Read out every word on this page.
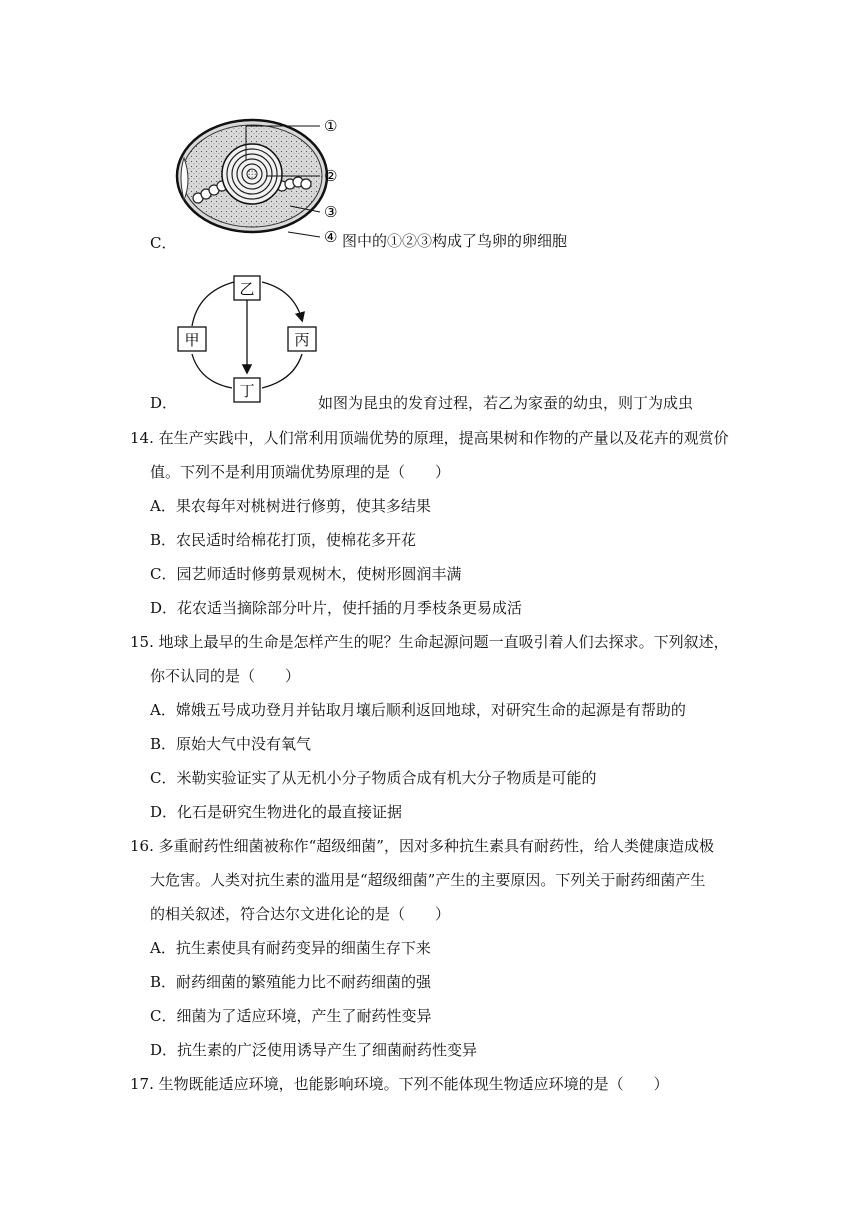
①
②
③
④
C．	图中的①②③构成了鸟卵的卵细胞
乙
丙
丁
甲
D．	如图为昆虫的发育过程，若乙为家蚕的幼虫，则丁为成虫
14. 在生产实践中，人们常利用顶端优势的原理，提高果树和作物的产量以及花卉的观赏价
值。下列不是利用顶端优势原理的是（　　）
A．果农每年对桃树进行修剪，使其多结果
B．农民适时给棉花打顶，使棉花多开花
C．园艺师适时修剪景观树木，使树形圆润丰满
D．花农适当摘除部分叶片，使扦插的月季枝条更易成活
15. 地球上最早的生命是怎样产生的呢？生命起源问题一直吸引着人们去探求。下列叙述，
你不认同的是（　　）
A．嫦娥五号成功登月并钻取月壤后顺利返回地球，对研究生命的起源是有帮助的
B．原始大气中没有氧气
C．米勒实验证实了从无机小分子物质合成有机大分子物质是可能的
D．化石是研究生物进化的最直接证据
16. 多重耐药性细菌被称作“超级细菌”，因对多种抗生素具有耐药性，给人类健康造成极
大危害。人类对抗生素的滥用是“超级细菌”产生的主要原因。下列关于耐药细菌产生
的相关叙述，符合达尔文进化论的是（　　）
A．抗生素使具有耐药变异的细菌生存下来
B．耐药细菌的繁殖能力比不耐药细菌的强
C．细菌为了适应环境，产生了耐药性变异
D．抗生素的广泛使用诱导产生了细菌耐药性变异
17. 生物既能适应环境，也能影响环境。下列不能体现生物适应环境的是（　　）
